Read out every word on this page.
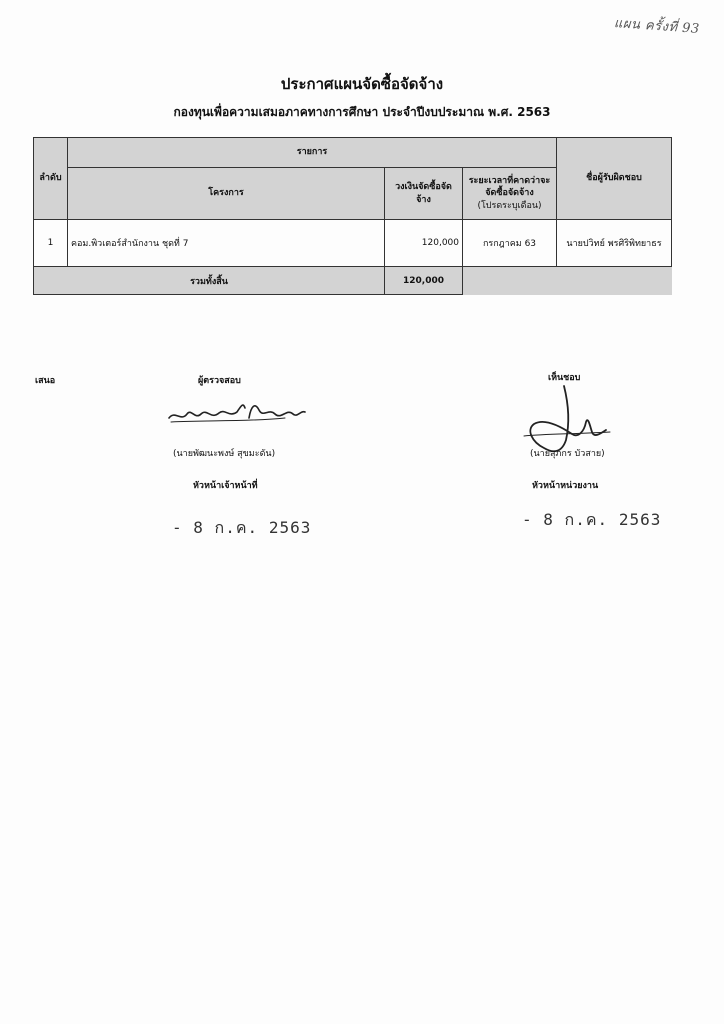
แผน ครั้งที่ 93
ประกาศแผนจัดซื้อจัดจ้าง
กองทุนเพื่อความเสมอภาคทางการศึกษา ประจำปีงบประมาณ พ.ศ. 2563
ลำดับ	รายการ			ชื่อผู้รับผิดชอบ
	โครงการ	วงเงินจัดซื้อจัดจ้าง	ระยะเวลาที่คาดว่าจะจัดซื้อจัดจ้าง
(โปรดระบุเดือน)	

1	คอม.พิวเตอร์สำนักงาน ชุดที่ 7	120,000	กรกฎาคม 63	นายปวิทย์ พรศิริพิทยาธร
รวมทั้งสิ้น		120,000		
เสนอ	ผู้ตรวจสอบ	เห็นชอบ
(นายพัฒนะพงษ์ สุขมะดัน)
หัวหน้าเจ้าหน้าที่
- 8 ก.ค. 2563
(นายสุภกร บัวสาย)
หัวหน้าหน่วยงาน
- 8 ก.ค. 2563
